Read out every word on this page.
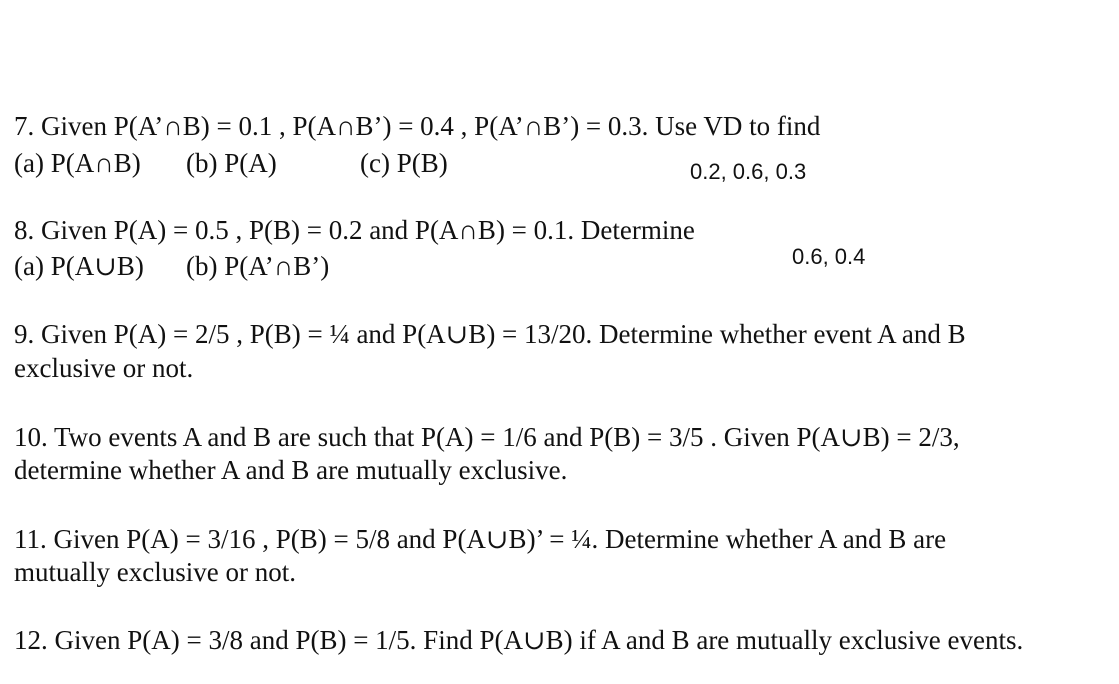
7. Given P(A’∩B) = 0.1 , P(A∩B’) = 0.4 , P(A’∩B’) = 0.3. Use VD to find
(a) P(A∩B) (b) P(A)	(c) P(B)	0.2, 0.6, 0.3
8. Given P(A) = 0.5 , P(B) = 0.2 and P(A∩B) = 0.1. Determine
(a) P(A∪B) (b) P(A’∩B’)	0.6, 0.4
9. Given P(A) = 2/5 , P(B) = ¼ and P(A∪B) = 13/20. Determine whether event A and B
exclusive or not.
10. Two events A and B are such that P(A) = 1/6 and P(B) = 3/5 . Given P(A∪B) = 2/3,
determine whether A and B are mutually exclusive.
11. Given P(A) = 3/16 , P(B) = 5/8 and P(A∪B)’ = ¼. Determine whether A and B are
mutually exclusive or not.
12. Given P(A) = 3/8 and P(B) = 1/5. Find P(A∪B) if A and B are mutually exclusive events.
